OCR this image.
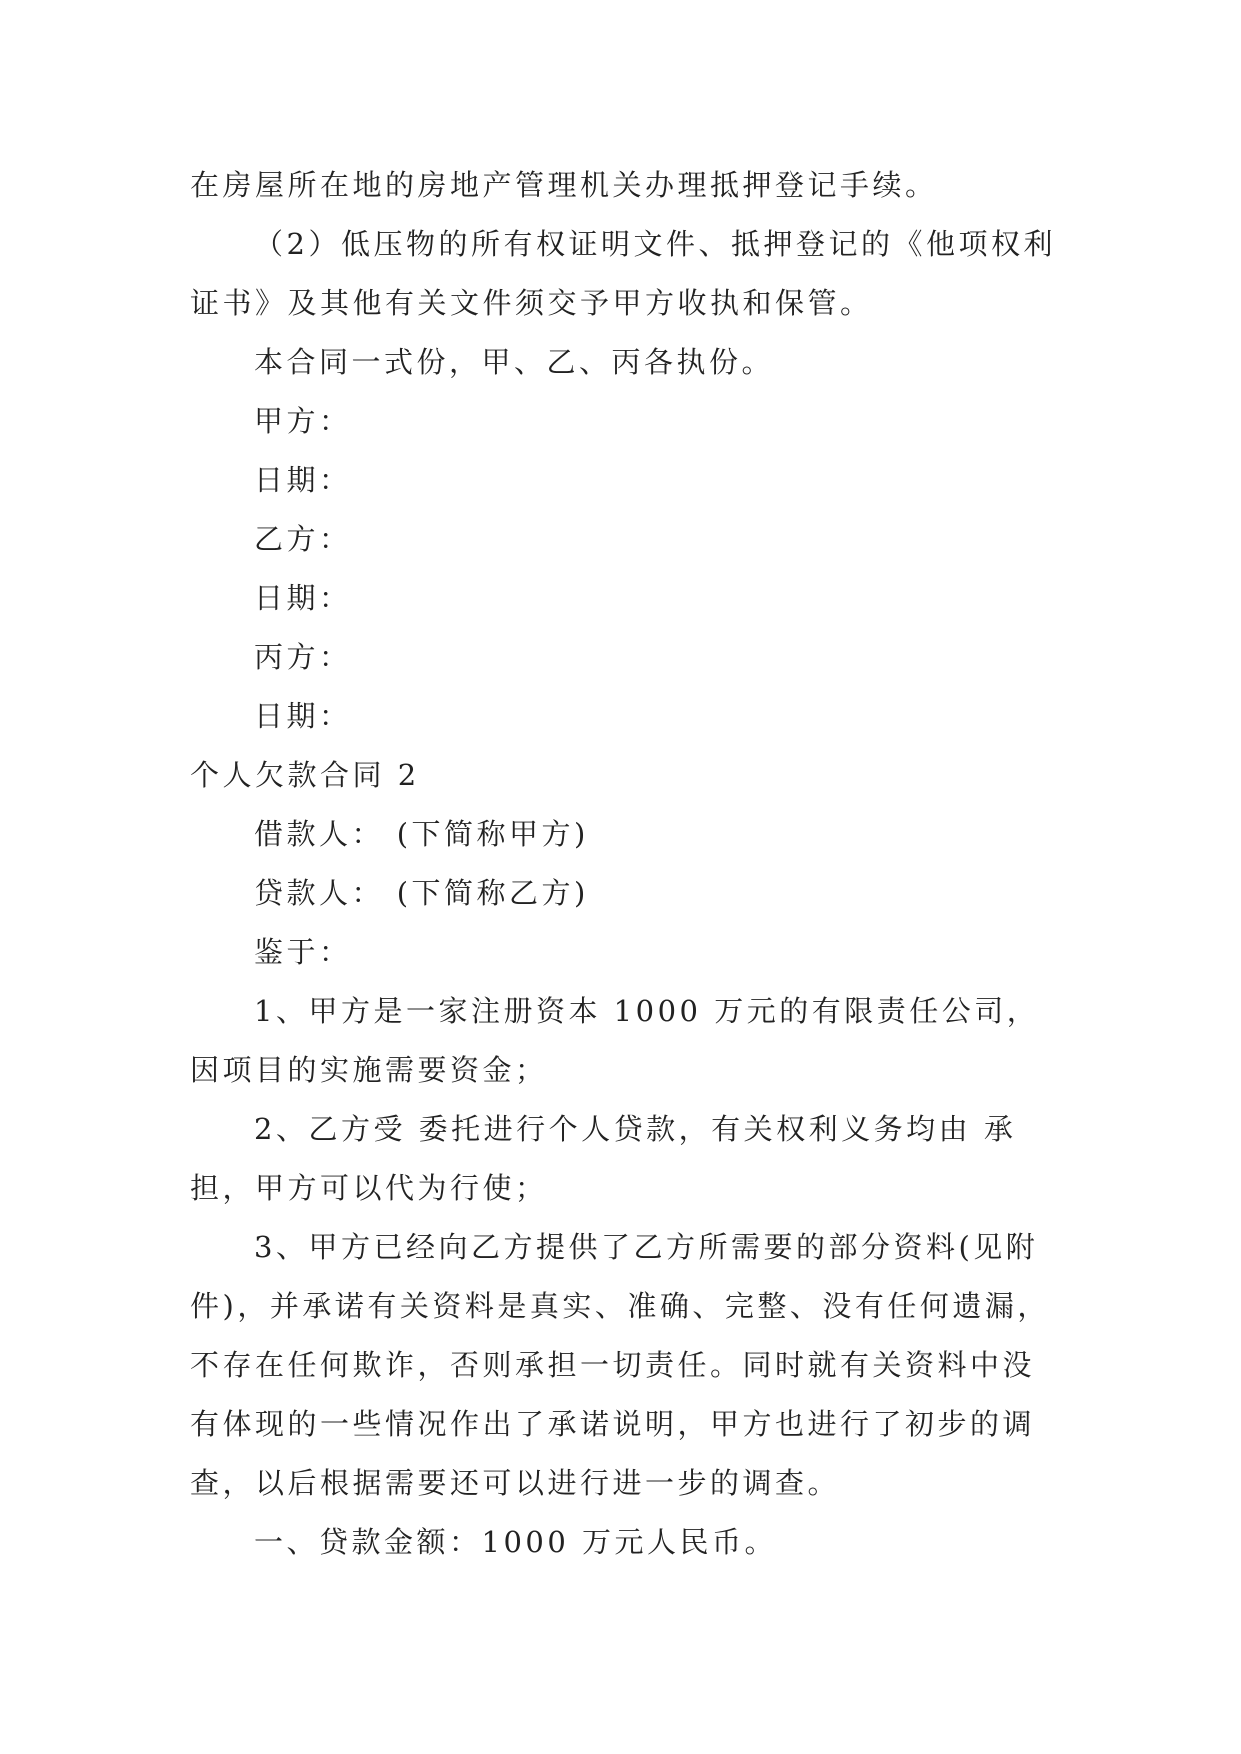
在房屋所在地的房地产管理机关办理抵押登记手续。

（2）低压物的所有权证明文件、抵押登记的《他项权利证书》及其他有关文件须交予甲方收执和保管。

本合同一式份，甲、乙、丙各执份。

甲方：

日期：

乙方：

日期：

丙方：

日期：

个人欠款合同 2

借款人： (下简称甲方)

贷款人： (下简称乙方)

鉴于：

1、甲方是一家注册资本 1000 万元的有限责任公司，因项目的实施需要资金；

2、乙方受 委托进行个人贷款，有关权利义务均由 承担，甲方可以代为行使；

3、甲方已经向乙方提供了乙方所需要的部分资料(见附件)，并承诺有关资料是真实、准确、完整、没有任何遗漏，不存在任何欺诈，否则承担一切责任。同时就有关资料中没有体现的一些情况作出了承诺说明，甲方也进行了初步的调查，以后根据需要还可以进行进一步的调查。

一、贷款金额：1000 万元人民币。
